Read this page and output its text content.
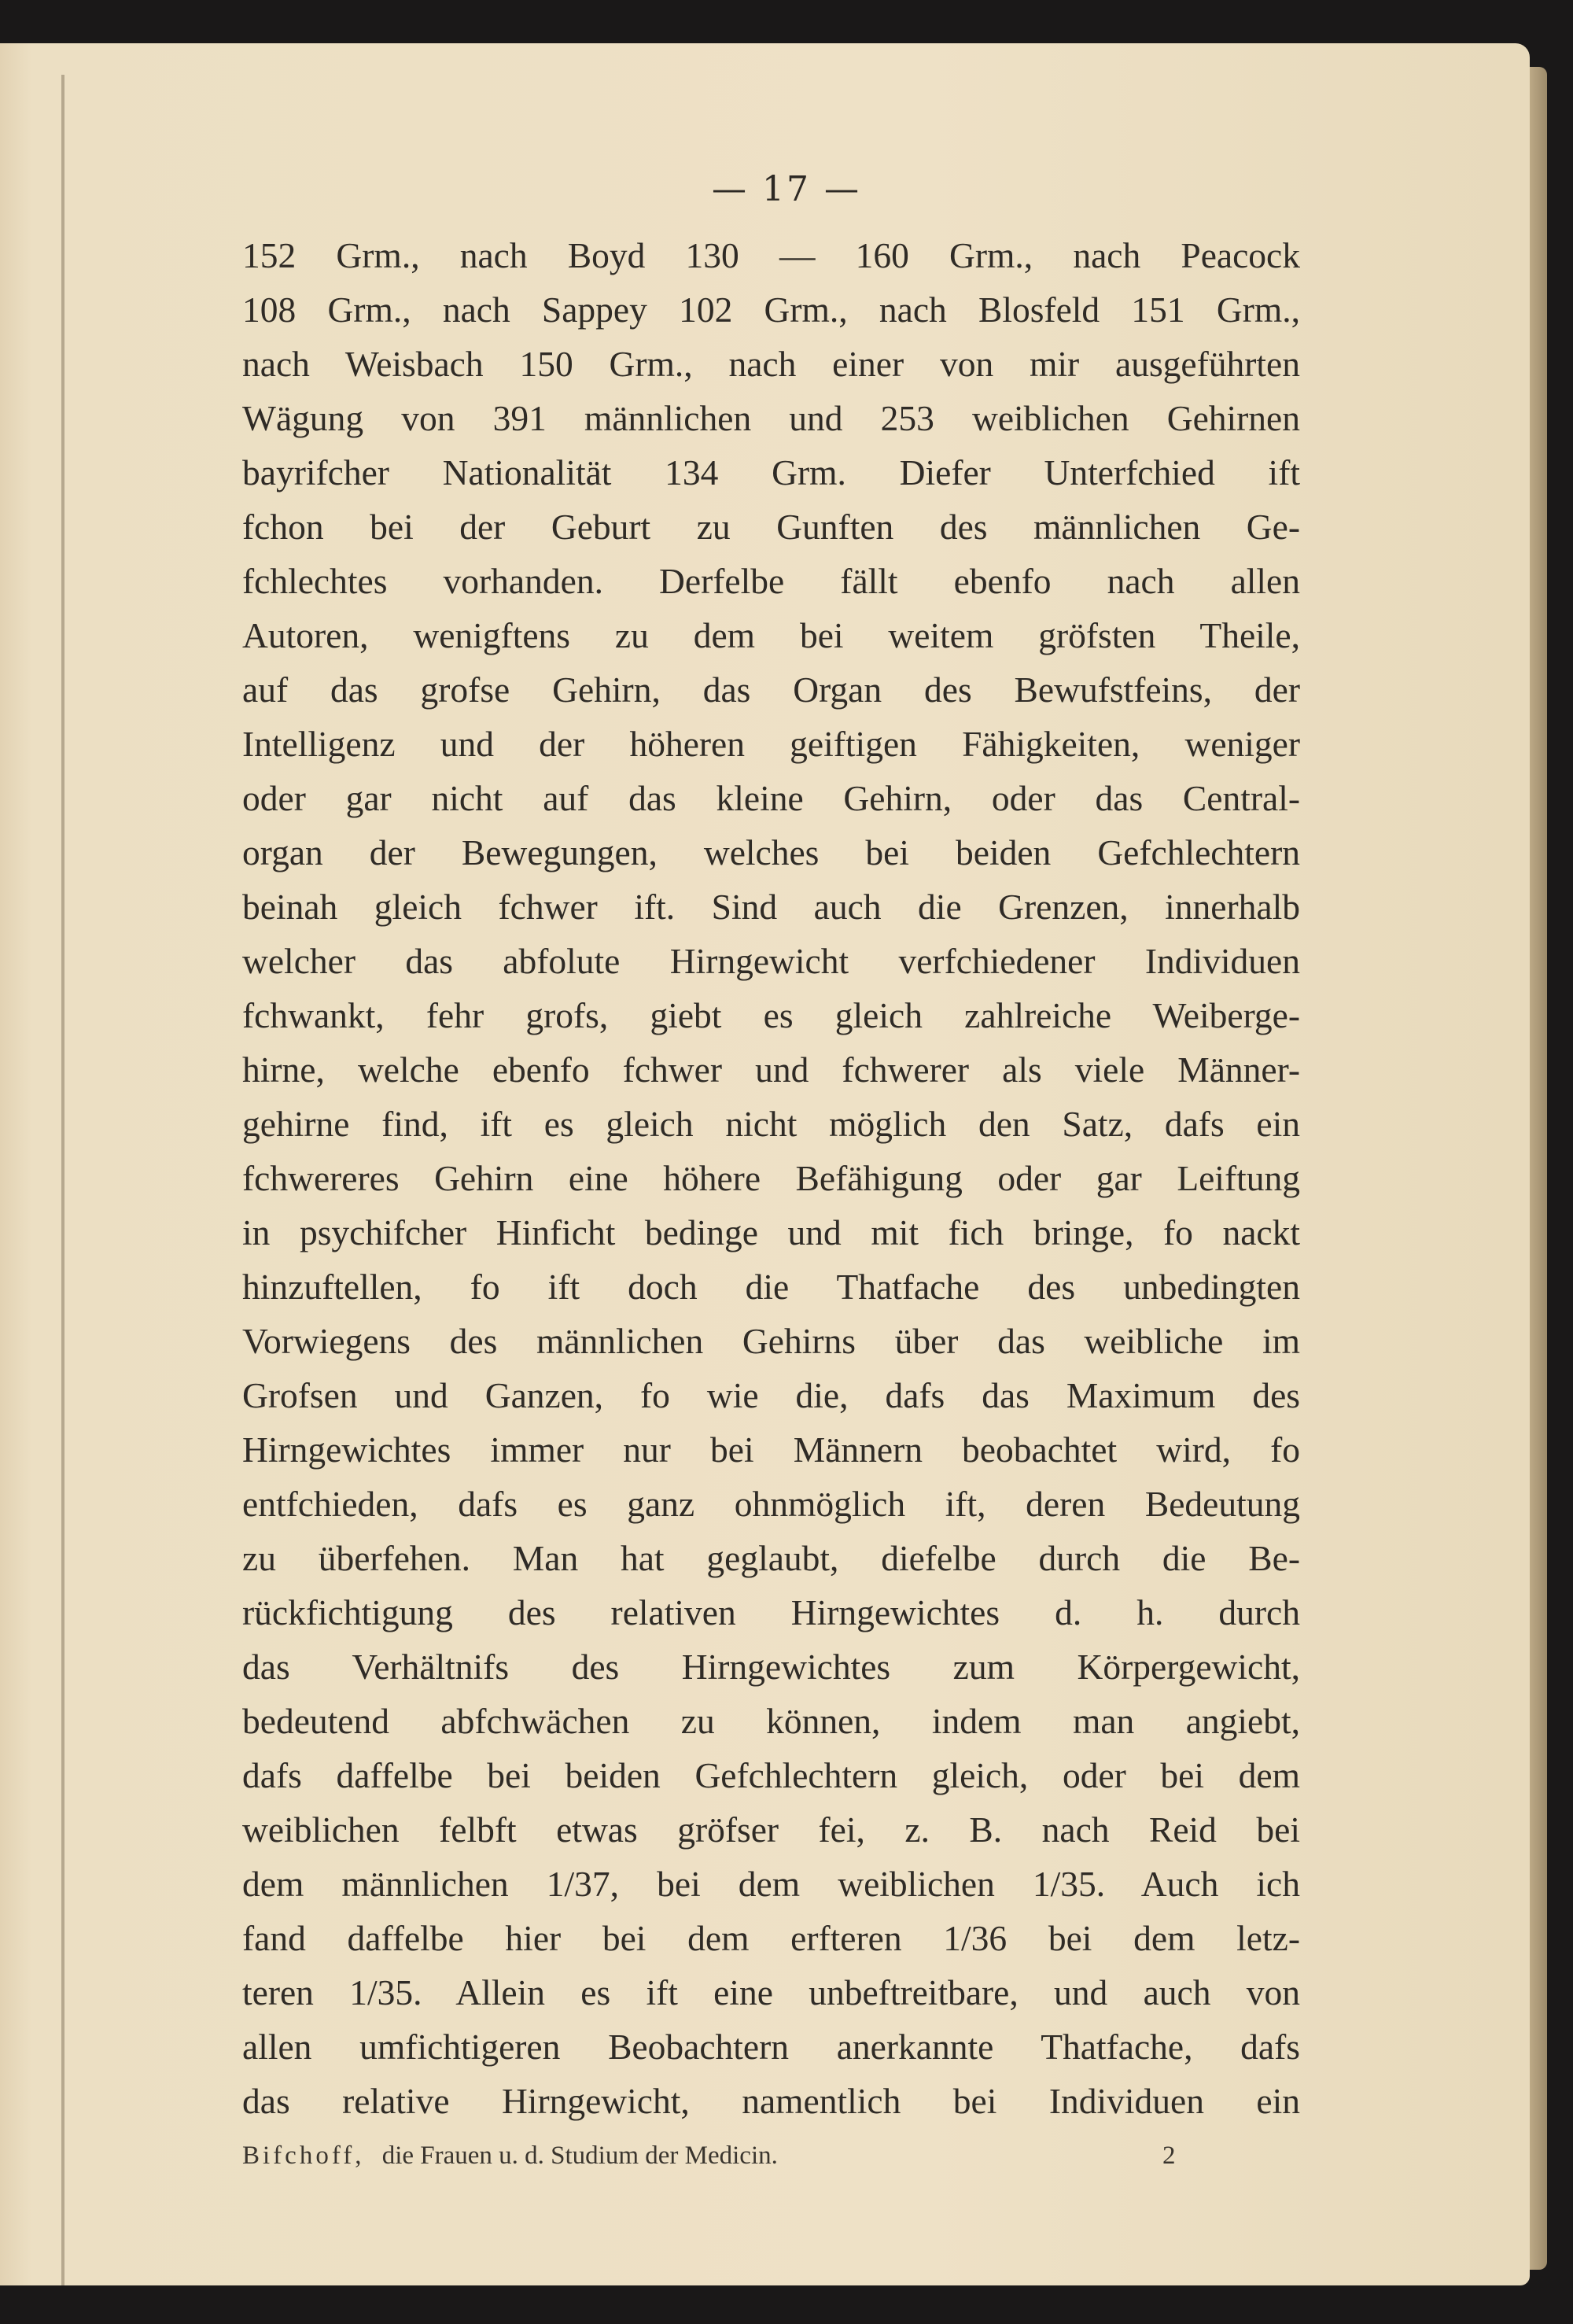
— 17 —
152 Grm., nach Boyd 130 — 160 Grm., nach Peacock
108 Grm., nach Sappey 102 Grm., nach Blosfeld 151 Grm.,
nach Weisbach 150 Grm., nach einer von mir ausgeführten
Wägung von 391 männlichen und 253 weiblichen Gehirnen
bayrifcher Nationalität 134 Grm. Diefer Unterfchied ift
fchon bei der Geburt zu Gunften des männlichen Ge-
fchlechtes vorhanden. Derfelbe fällt ebenfo nach allen
Autoren, wenigftens zu dem bei weitem gröfsten Theile,
auf das grofse Gehirn, das Organ des Bewufstfeins, der
Intelligenz und der höheren geiftigen Fähigkeiten, weniger
oder gar nicht auf das kleine Gehirn, oder das Central-
organ der Bewegungen, welches bei beiden Gefchlechtern
beinah gleich fchwer ift. Sind auch die Grenzen, innerhalb
welcher das abfolute Hirngewicht verfchiedener Individuen
fchwankt, fehr grofs, giebt es gleich zahlreiche Weiberge-
hirne, welche ebenfo fchwer und fchwerer als viele Männer-
gehirne find, ift es gleich nicht möglich den Satz, dafs ein
fchwereres Gehirn eine höhere Befähigung oder gar Leiftung
in psychifcher Hinficht bedinge und mit fich bringe, fo nackt
hinzuftellen, fo ift doch die Thatfache des unbedingten
Vorwiegens des männlichen Gehirns über das weibliche im
Grofsen und Ganzen, fo wie die, dafs das Maximum des
Hirngewichtes immer nur bei Männern beobachtet wird, fo
entfchieden, dafs es ganz ohnmöglich ift, deren Bedeutung
zu überfehen. Man hat geglaubt, diefelbe durch die Be-
rückfichtigung des relativen Hirngewichtes d. h. durch
das Verhältnifs des Hirngewichtes zum Körpergewicht,
bedeutend abfchwächen zu können, indem man angiebt,
dafs daffelbe bei beiden Gefchlechtern gleich, oder bei dem
weiblichen felbft etwas gröfser fei, z. B. nach Reid bei
dem männlichen 1/37, bei dem weiblichen 1/35. Auch ich
fand daffelbe hier bei dem erfteren 1/36 bei dem letz-
teren 1/35. Allein es ift eine unbeftreitbare, und auch von
allen umfichtigeren Beobachtern anerkannte Thatfache, dafs
das relative Hirngewicht, namentlich bei Individuen ein
Bifchoff, die Frauen u. d. Studium der Medicin.	2
